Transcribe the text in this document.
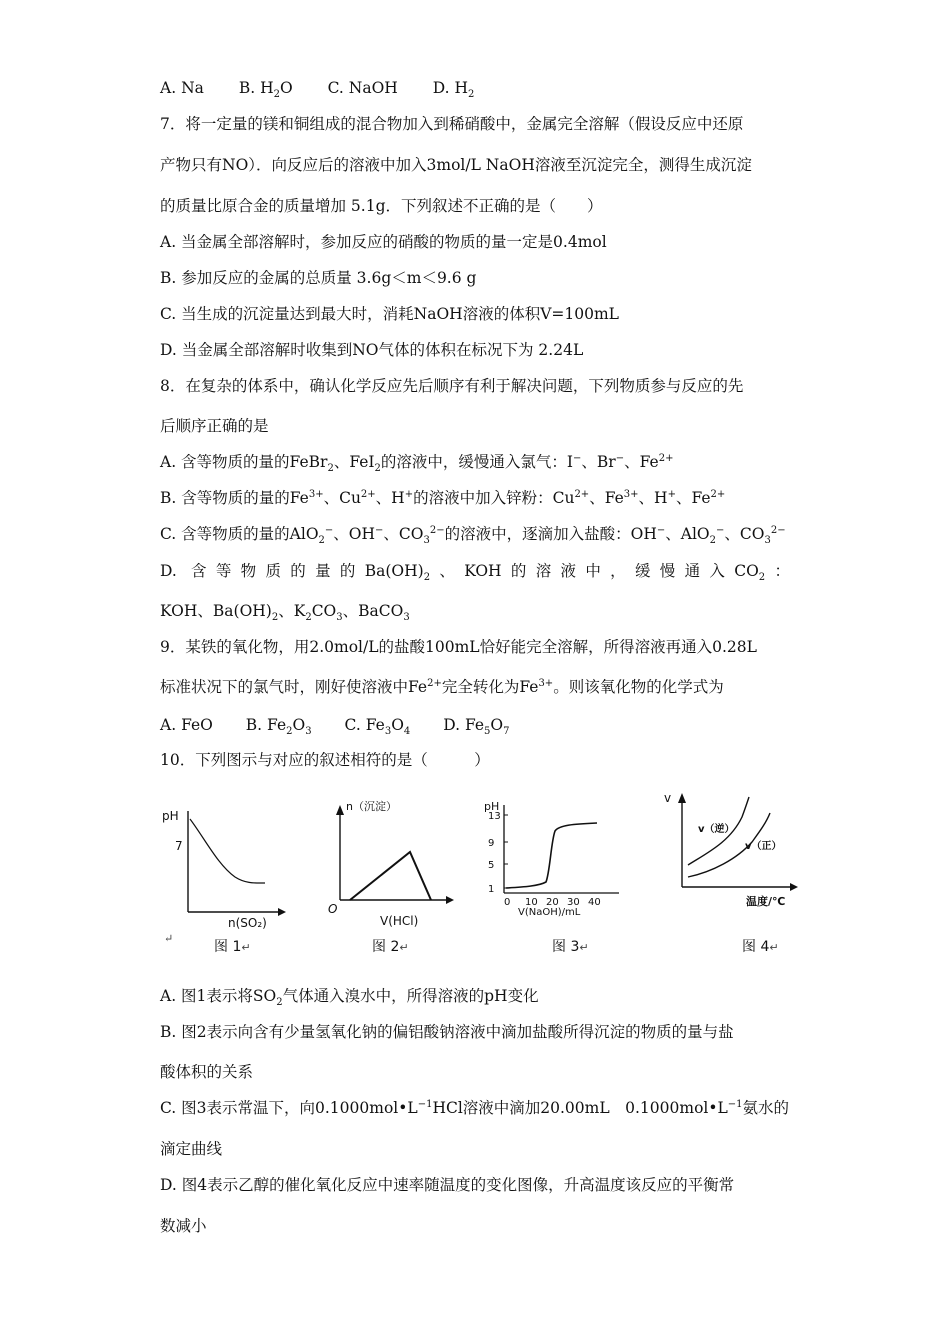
A. Na B. $H_2O$ C. NaOH D. $H_2$
7．将一定量的镁和铜组成的混合物加入到稀硝酸中，金属完全溶解（假设反应中还原
产物只有NO）．向反应后的溶液中加入3mol/L NaOH溶液至沉淀完全，测得生成沉淀
的质量比原合金的质量增加 5.1g．下列叙述不正确的是（　　）
A. 当金属全部溶解时，参加反应的硝酸的物质的量一定是0.4mol
B. 参加反应的金属的总质量 3.6g＜m＜9.6 g
C. 当生成的沉淀量达到最大时，消耗NaOH溶液的体积V=100mL
D. 当金属全部溶解时收集到NO气体的体积在标况下为 2.24L
8．在复杂的体系中，确认化学反应先后顺序有利于解决问题，下列物质参与反应的先
后顺序正确的是
A. 含等物质的量的FeBr$_2$、FeI$_2$的溶液中，缓慢通入氯气：I−、Br−、$Fe^{2+}$
B. 含等物质的量的$Fe^{3+}$、$Cu^{2+}$、H+的溶液中加入锌粉：$Cu^{2+}$、$Fe^{3+}$、H+、$Fe^{2+}$
C. 含等物质的量的AlO$_2$−、OH−、$CO_3^{2-}$的溶液中，逐滴加入盐酸：OH−、AlO$_2$−、$CO_3^{2-}$
D. 含等物质的量的$Ba(OH)_2$、KOH的溶液中，缓慢通入$CO_2$：
KOH、$Ba(OH)_2$、$K_2CO_3$、BaCO$_3$
9．某铁的氧化物，用2.0mol/L的盐酸100mL恰好能完全溶解，所得溶液再通入0.28L
标准状况下的氯气时，刚好使溶液中$Fe^{2+}$完全转化为$Fe^{3+}$。则该氧化物的化学式为
A. FeO B. $Fe_2O_3$ C. $Fe_3O_4$ D. $Fe_5O_7$
10．下列图示与对应的叙述相符的是（　　　）
pH
7
n(SO₂)
n（沉淀）
O
V(HCl)
pH
13
9
5
1
0 10 20 30 40
V(NaOH)/mL
v
v（逆）
v（正）
温度/℃
↵
图 1↵	图 2↵	图 3↵	图 4↵
A. 图1表示将$SO_2$气体通入溴水中，所得溶液的pH变化
B. 图2表示向含有少量氢氧化钠的偏铝酸钠溶液中滴加盐酸所得沉淀的物质的量与盐
酸体积的关系
C. 图3表示常温下，向$0.1000mol•L^{-1}HCl$溶液中滴加20.00mL　$0.1000mol•L^{-1}$氨水的
滴定曲线
D. 图4表示乙醇的催化氧化反应中速率随温度的变化图像，升高温度该反应的平衡常
数减小
